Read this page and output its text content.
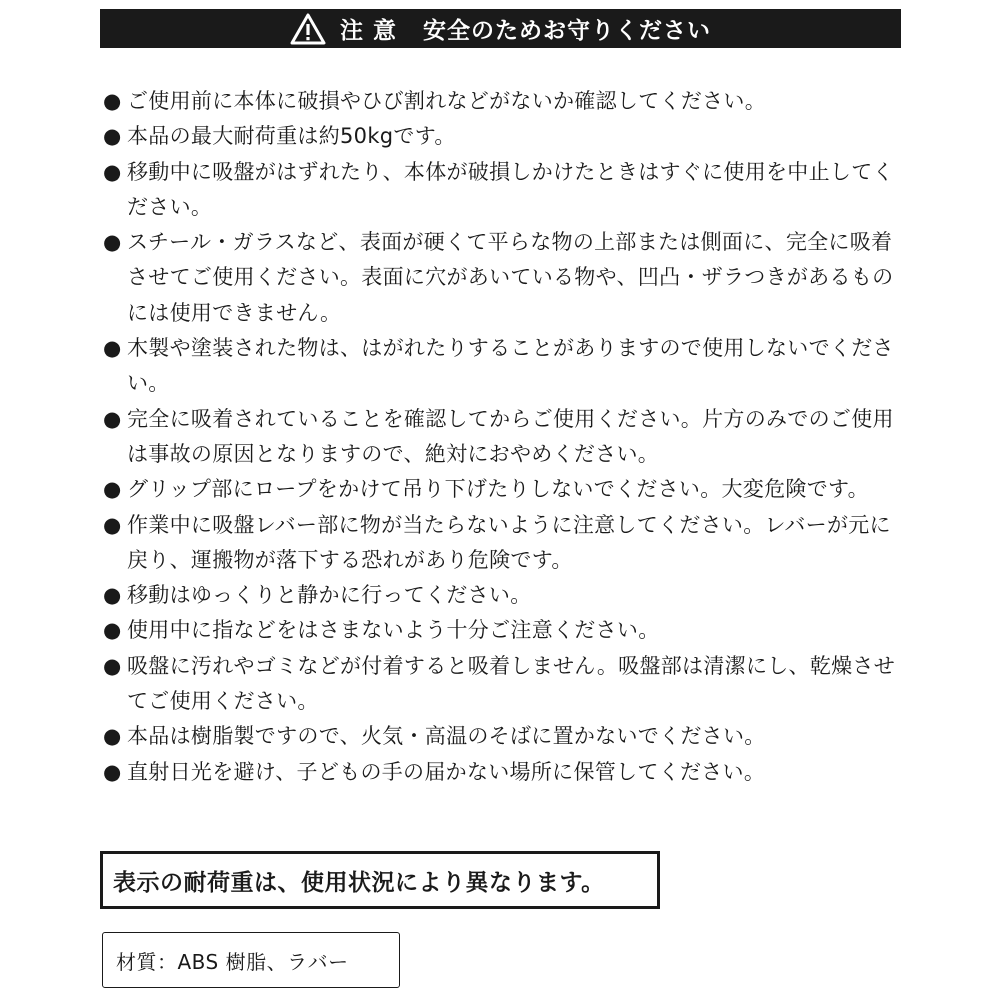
注 意 安全のためお守りください
● ご使用前に本体に破損やひび割れなどがないか確認してください。
● 本品の最大耐荷重は約50kgです。
● 移動中に吸盤がはずれたり、本体が破損しかけたときはすぐに使用を中止してください。
● スチール・ガラスなど、表面が硬くて平らな物の上部または側面に、完全に吸着させてご使用ください。表面に穴があいている物や、凹凸・ザラつきがあるものには使用できません。
● 木製や塗装された物は、はがれたりすることがありますので使用しないでください。
● 完全に吸着されていることを確認してからご使用ください。片方のみでのご使用は事故の原因となりますので、絶対におやめください。
● グリップ部にロープをかけて吊り下げたりしないでください。大変危険です。
● 作業中に吸盤レバー部に物が当たらないように注意してください。レバーが元に戻り、運搬物が落下する恐れがあり危険です。
● 移動はゆっくりと静かに行ってください。
● 使用中に指などをはさまないよう十分ご注意ください。
● 吸盤に汚れやゴミなどが付着すると吸着しません。吸盤部は清潔にし、乾燥させてご使用ください。
● 本品は樹脂製ですので、火気・高温のそばに置かないでください。
● 直射日光を避け、子どもの手の届かない場所に保管してください。
表示の耐荷重は、使用状況により異なります。
材質：ABS 樹脂、ラバー
